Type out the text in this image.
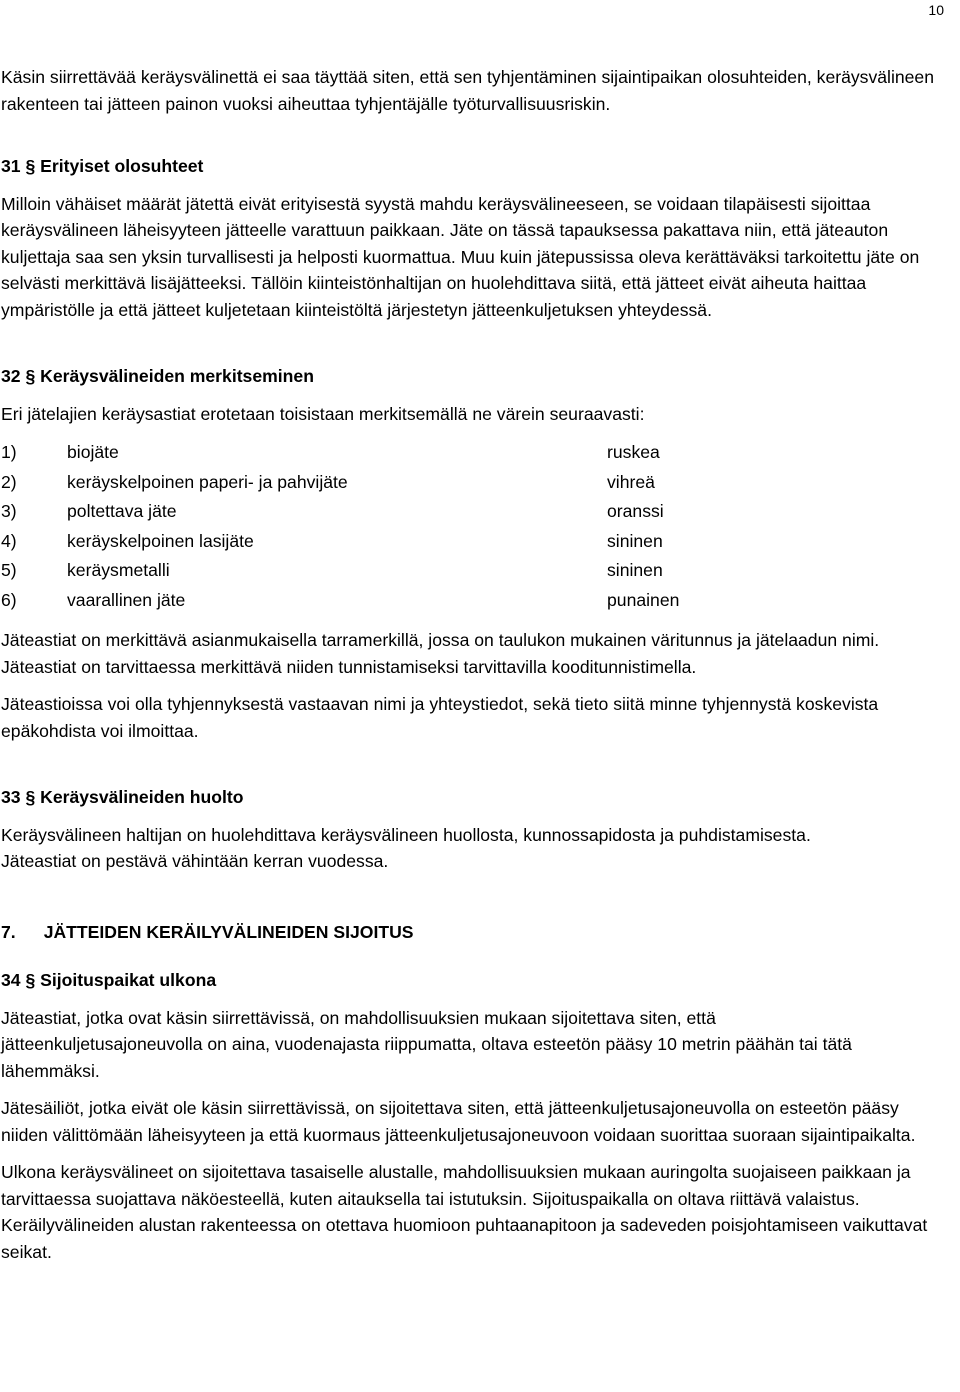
10

Käsin siirrettävää keräysvälinettä ei saa täyttää siten, että sen tyhjentäminen sijaintipaikan olosuhteiden, keräysvälineen rakenteen tai jätteen painon vuoksi aiheuttaa tyhjentäjälle työturvallisuusriskin.

31 § Erityiset olosuhteet

Milloin vähäiset määrät jätettä eivät erityisestä syystä mahdu keräysvälineeseen, se voidaan tilapäisesti sijoittaa keräysvälineen läheisyyteen jätteelle varattuun paikkaan. Jäte on tässä tapauksessa pakattava niin, että jäteauton kuljettaja saa sen yksin turvallisesti ja helposti kuormattua. Muu kuin jätepussissa oleva kerättäväksi tarkoitettu jäte on selvästi merkittävä lisäjätteeksi. Tällöin kiinteistönhaltijan on huolehdittava siitä, että jätteet eivät aiheuta haittaa ympäristölle ja että jätteet kuljetetaan kiinteistöltä järjestetyn jätteenkuljetuksen yhteydessä.

32 § Keräysvälineiden merkitseminen

Eri jätelajien keräysastiat erotetaan toisistaan merkitsemällä ne värein seuraavasti:

1)	biojäte	ruskea
2)	keräyskelpoinen paperi- ja pahvijäte	vihreä
3)	poltettava jäte	oranssi
4)	keräyskelpoinen lasijäte	sininen
5)	keräysmetalli	sininen
6)	vaarallinen jäte	punainen

Jäteastiat on merkittävä asianmukaisella tarramerkillä, jossa on taulukon mukainen väritunnus ja jätelaadun nimi. Jäteastiat on tarvittaessa merkittävä niiden tunnistamiseksi tarvittavilla kooditunnistimella.

Jäteastioissa voi olla tyhjennyksestä vastaavan nimi ja yhteystiedot, sekä tieto siitä minne tyhjennystä koskevista epäkohdista voi ilmoittaa.

33 § Keräysvälineiden huolto

Keräysvälineen haltijan on huolehdittava keräysvälineen huollosta, kunnossapidosta ja puhdistamisesta. Jäteastiat on pestävä vähintään kerran vuodessa.

7. JÄTTEIDEN KERÄILYVÄLINEIDEN SIJOITUS

34 § Sijoituspaikat ulkona

Jäteastiat, jotka ovat käsin siirrettävissä, on mahdollisuuksien mukaan sijoitettava siten, että jätteenkuljetusajoneuvolla on aina, vuodenajasta riippumatta, oltava esteetön pääsy 10 metrin päähän tai tätä lähemmäksi.

Jätesäiliöt, jotka eivät ole käsin siirrettävissä, on sijoitettava siten, että jätteenkuljetusajoneuvolla on esteetön pääsy niiden välittömään läheisyyteen ja että kuormaus jätteenkuljetusajoneuvoon voidaan suorittaa suoraan sijaintipaikalta.

Ulkona keräysvälineet on sijoitettava tasaiselle alustalle, mahdollisuuksien mukaan auringolta suojaiseen paikkaan ja tarvittaessa suojattava näköesteellä, kuten aitauksella tai istutuksin. Sijoituspaikalla on oltava riittävä valaistus. Keräilyvälineiden alustan rakenteessa on otettava huomioon puhtaanapitoon ja sadeveden poisjohtamiseen vaikuttavat seikat.
